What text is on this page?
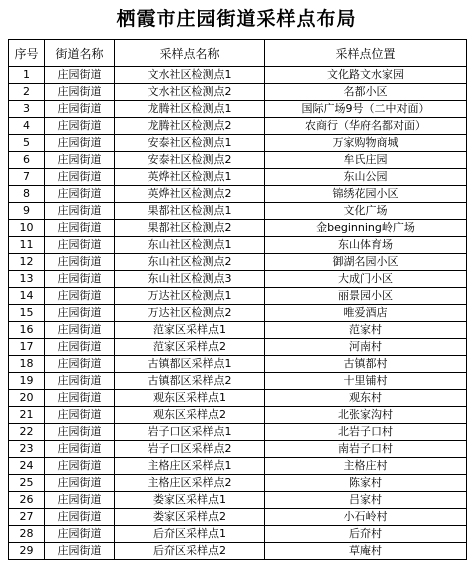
栖霞市庄园街道采样点布局
序号	街道名称	采样点名称	采样点位置
1	庄园街道	文水社区检测点1	文化路文水家园
2	庄园街道	文水社区检测点2	名都小区
3	庄园街道	龙腾社区检测点1	国际广场9号（二中对面）
4	庄园街道	龙腾社区检测点2	农商行（华府名都对面）
5	庄园街道	安泰社区检测点1	万家购物商城
6	庄园街道	安泰社区检测点2	牟氏庄园
7	庄园街道	英烨社区检测点1	东山公园
8	庄园街道	英烨社区检测点2	锦绣花园小区
9	庄园街道	果都社区检测点1	文化广场
10	庄园街道	果都社区检测点2	金beginning岭广场
11	庄园街道	东山社区检测点1	东山体育场
12	庄园街道	东山社区检测点2	御湖名园小区
13	庄园街道	东山社区检测点3	大成门小区
14	庄园街道	万达社区检测点1	丽景园小区
15	庄园街道	万达社区检测点2	唯爱酒店
16	庄园街道	范家区采样点1	范家村
17	庄园街道	范家区采样点2	河南村
18	庄园街道	古镇都区采样点1	古镇都村
19	庄园街道	古镇都区采样点2	十里铺村
20	庄园街道	观东区采样点1	观东村
21	庄园街道	观东区采样点2	北张家沟村
22	庄园街道	岩子口区采样点1	北岩子口村
23	庄园街道	岩子口区采样点2	南岩子口村
24	庄园街道	主格庄区采样点1	主格庄村
25	庄园街道	主格庄区采样点2	陈家村
26	庄园街道	娄家区采样点1	吕家村
27	庄园街道	娄家区采样点2	小石岭村
28	庄园街道	后夼区采样点1	后夼村
29	庄园街道	后夼区采样点2	草庵村
